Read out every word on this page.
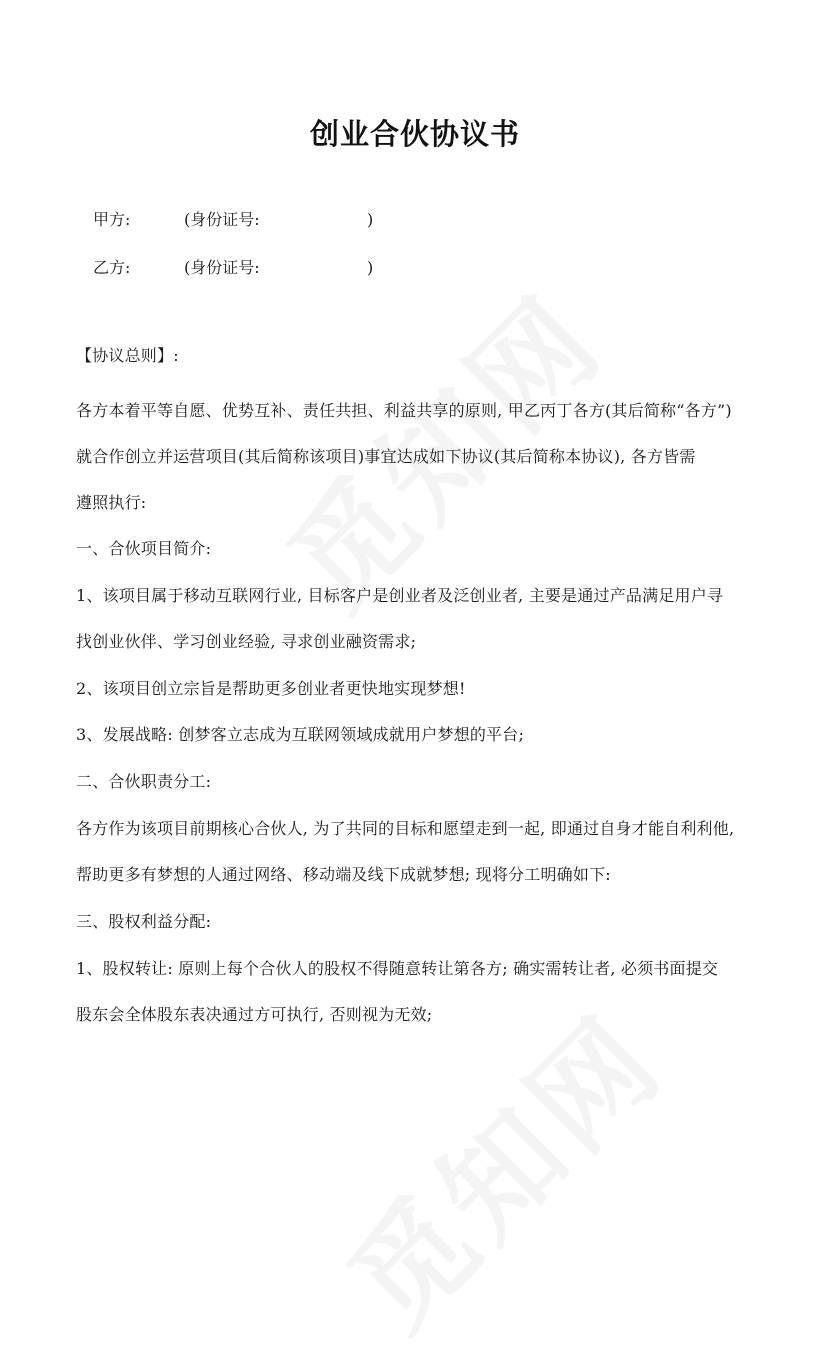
创业合伙协议书
甲方:	(身份证号:	)
乙方:	(身份证号:	)
【协议总则】:
各方本着平等自愿、优势互补、责任共担、利益共享的原则, 甲乙丙丁各方(其后简称“各方”)
就合作创立并运营项目(其后简称该项目)事宜达成如下协议(其后简称本协议), 各方皆需
遵照执行:
一、合伙项目简介:
1、该项目属于移动互联网行业, 目标客户是创业者及泛创业者, 主要是通过产品满足用户寻
找创业伙伴、学习创业经验, 寻求创业融资需求;
2、该项目创立宗旨是帮助更多创业者更快地实现梦想!
3、发展战略: 创梦客立志成为互联网领域成就用户梦想的平台;
二、合伙职责分工:
各方作为该项目前期核心合伙人, 为了共同的目标和愿望走到一起, 即通过自身才能自利利他,
帮助更多有梦想的人通过网络、移动端及线下成就梦想; 现将分工明确如下:
三、股权利益分配:
1、股权转让: 原则上每个合伙人的股权不得随意转让第各方; 确实需转让者, 必须书面提交
股东会全体股东表决通过方可执行, 否则视为无效;
